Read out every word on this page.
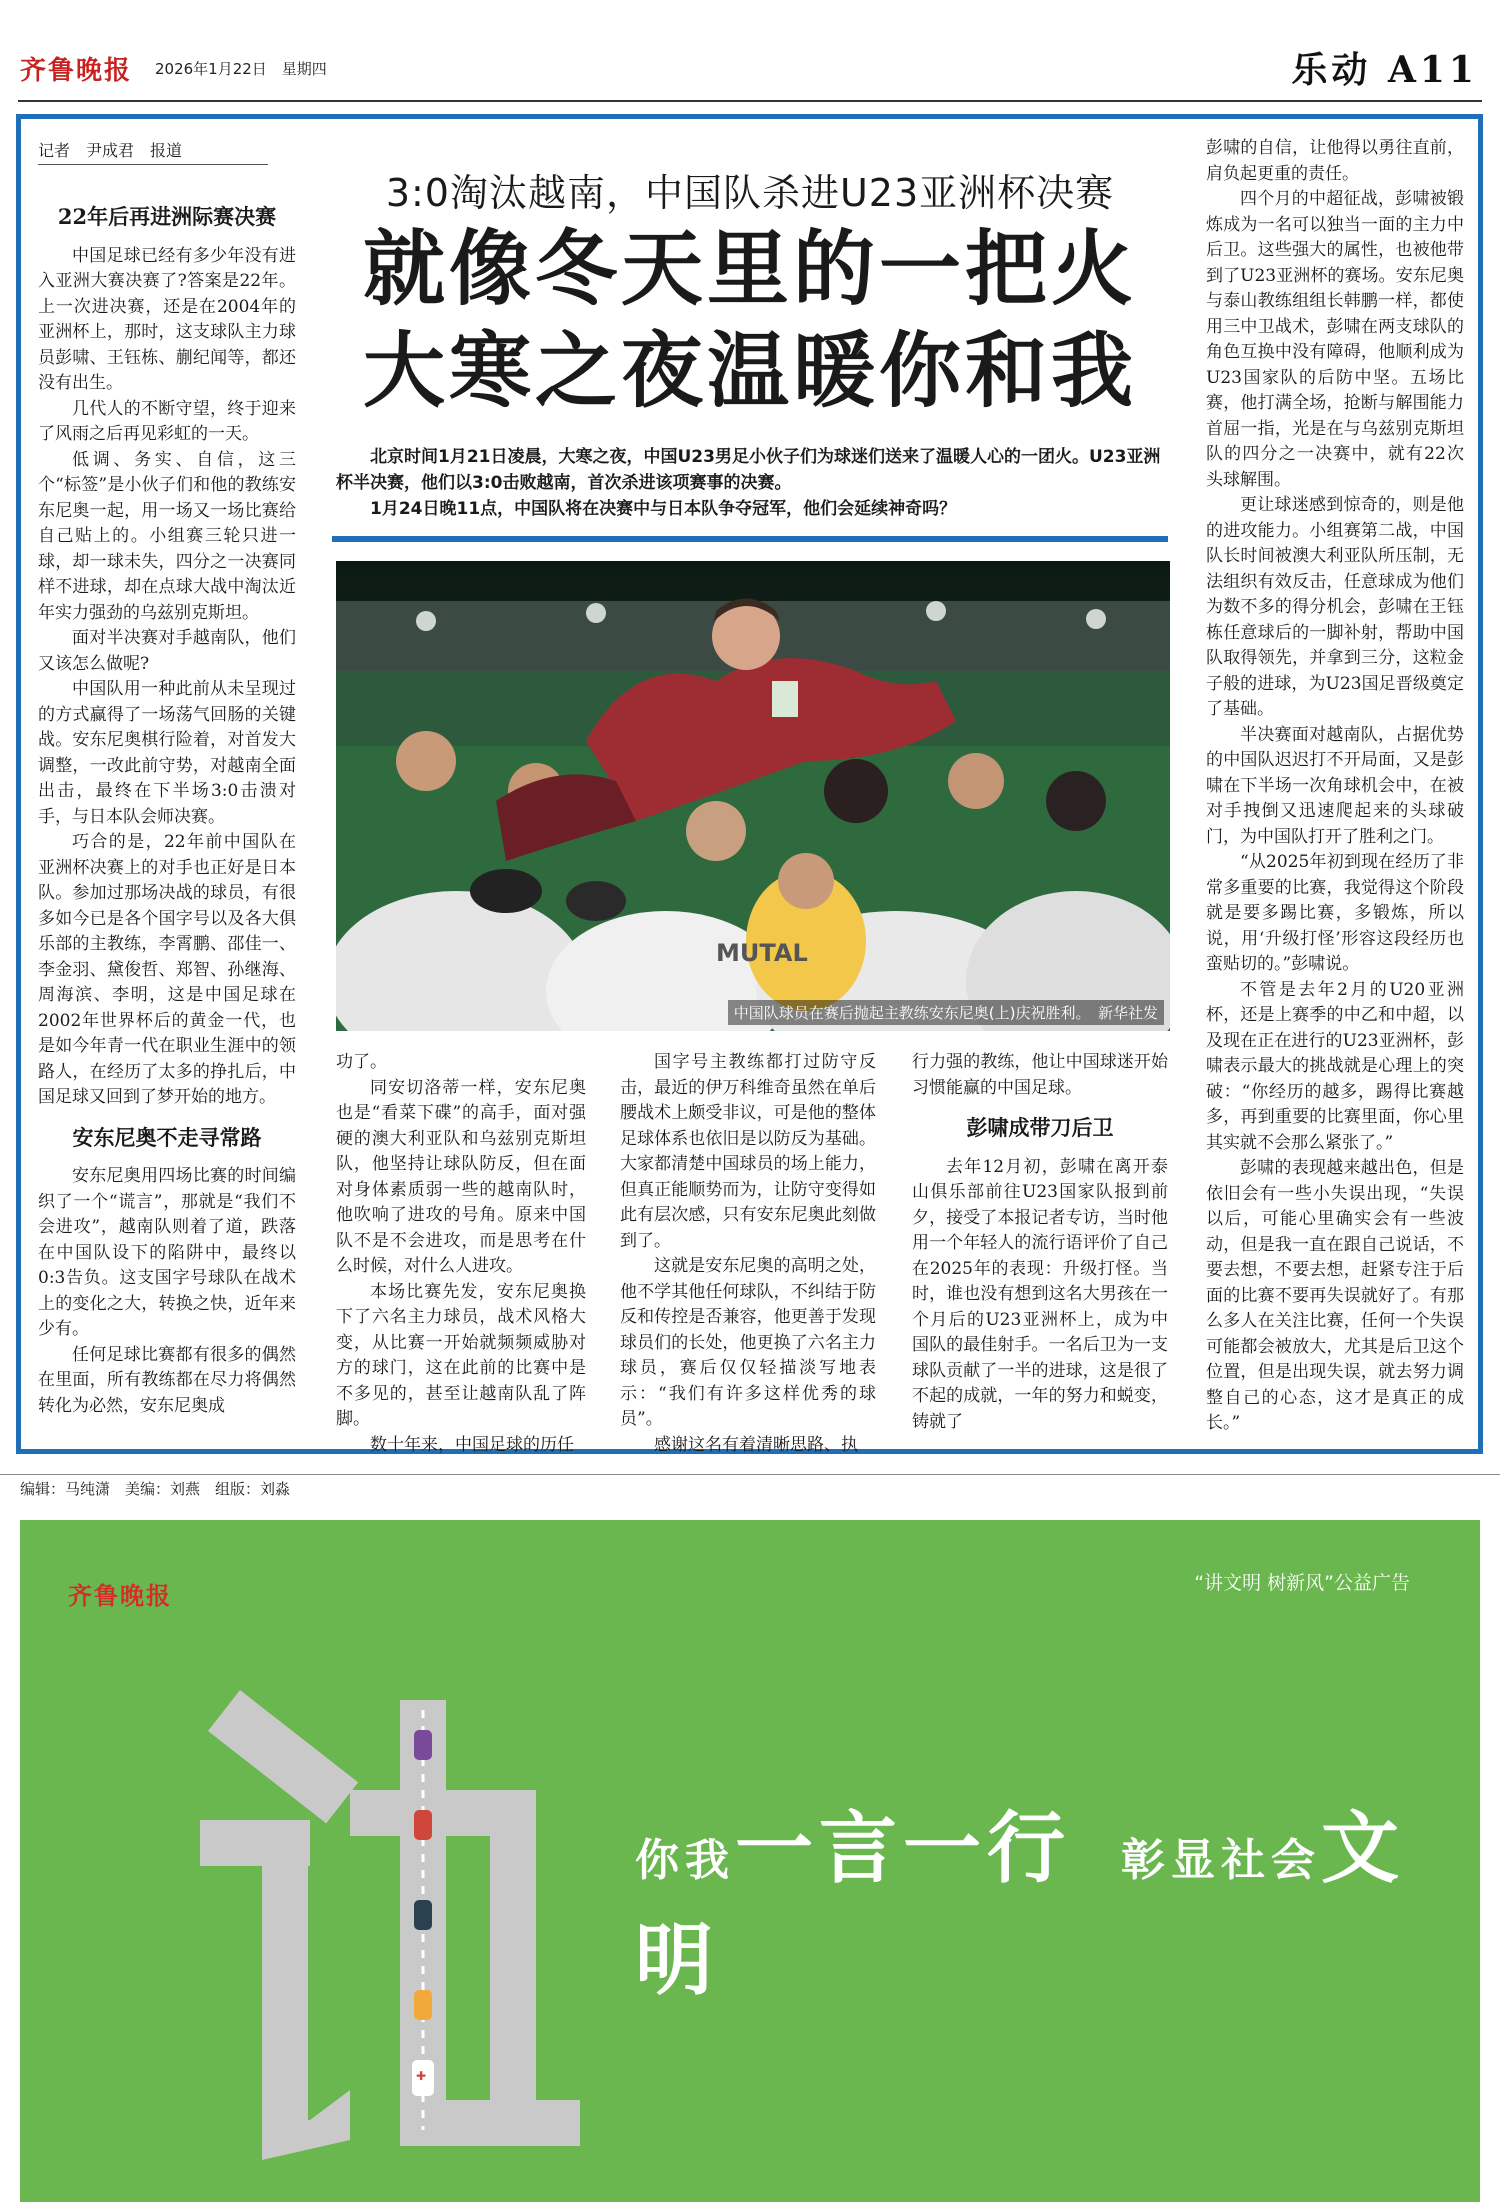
齐鲁晚报 2026年1月22日　星期四	乐动 A11
记者　尹成君　报道
22年后再进洲际赛决赛

中国足球已经有多少年没有进入亚洲大赛决赛了?答案是22年。上一次进决赛，还是在2004年的亚洲杯上，那时，这支球队主力球员彭啸、王钰栋、蒯纪闻等，都还没有出生。

几代人的不断守望，终于迎来了风雨之后再见彩虹的一天。

低调、务实、自信，这三个“标签”是小伙子们和他的教练安东尼奥一起，用一场又一场比赛给自己贴上的。小组赛三轮只进一球，却一球未失，四分之一决赛同样不进球，却在点球大战中淘汰近年实力强劲的乌兹别克斯坦。

面对半决赛对手越南队，他们又该怎么做呢?

中国队用一种此前从未呈现过的方式赢得了一场荡气回肠的关键战。安东尼奥棋行险着，对首发大调整，一改此前守势，对越南全面出击，最终在下半场3:0击溃对手，与日本队会师决赛。

巧合的是，22年前中国队在亚洲杯决赛上的对手也正好是日本队。参加过那场决战的球员，有很多如今已是各个国字号以及各大俱乐部的主教练，李霄鹏、邵佳一、李金羽、黛俊哲、郑智、孙继海、周海滨、李明，这是中国足球在2002年世界杯后的黄金一代，也是如今年青一代在职业生涯中的领路人，在经历了太多的挣扎后，中国足球又回到了梦开始的地方。

安东尼奥不走寻常路

安东尼奥用四场比赛的时间编织了一个“谎言”，那就是“我们不会进攻”，越南队则着了道，跌落在中国队设下的陷阱中，最终以0:3告负。这支国字号球队在战术上的变化之大，转换之快，近年来少有。

任何足球比赛都有很多的偶然在里面，所有教练都在尽力将偶然转化为必然，安东尼奥成

3:0淘汰越南，中国队杀进U23亚洲杯决赛
就像冬天里的一把火
大寒之夜温暖你和我

北京时间1月21日凌晨，大寒之夜，中国U23男足小伙子们为球迷们送来了温暖人心的一团火。U23亚洲杯半决赛，他们以3:0击败越南，首次杀进该项赛事的决赛。

1月24日晚11点，中国队将在决赛中与日本队争夺冠军，他们会延续神奇吗？

MUTAL
中国队球员在赛后抛起主教练安东尼奥(上)庆祝胜利。　新华社发

功了。

同安切洛蒂一样，安东尼奥也是“看菜下碟”的高手，面对强硬的澳大利亚队和乌兹别克斯坦队，他坚持让球队防反，但在面对身体素质弱一些的越南队时，他吹响了进攻的号角。原来中国队不是不会进攻，而是思考在什么时候，对什么人进攻。

本场比赛先发，安东尼奥换下了六名主力球员，战术风格大变，从比赛一开始就频频威胁对方的球门，这在此前的比赛中是不多见的，甚至让越南队乱了阵脚。

数十年来，中国足球的历任

国字号主教练都打过防守反击，最近的伊万科维奇虽然在单后腰战术上颇受非议，可是他的整体足球体系也依旧是以防反为基础。大家都清楚中国球员的场上能力，但真正能顺势而为，让防守变得如此有层次感，只有安东尼奥此刻做到了。

这就是安东尼奥的高明之处，他不学其他任何球队，不纠结于防反和传控是否兼容，他更善于发现球员们的长处，他更换了六名主力球员，赛后仅仅轻描淡写地表示：“我们有许多这样优秀的球员”。

感谢这名有着清晰思路、执

行力强的教练，他让中国球迷开始习惯能赢的中国足球。

彭啸成带刀后卫

去年12月初，彭啸在离开泰山俱乐部前往U23国家队报到前夕，接受了本报记者专访，当时他用一个年轻人的流行语评价了自己在2025年的表现：升级打怪。当时，谁也没有想到这名大男孩在一个月后的U23亚洲杯上，成为中国队的最佳射手。一名后卫为一支球队贡献了一半的进球，这是很了不起的成就，一年的努力和蜕变，铸就了

彭啸的自信，让他得以勇往直前，肩负起更重的责任。

四个月的中超征战，彭啸被锻炼成为一名可以独当一面的主力中后卫。这些强大的属性，也被他带到了U23亚洲杯的赛场。安东尼奥与泰山教练组组长韩鹏一样，都使用三中卫战术，彭啸在两支球队的角色互换中没有障碍，他顺利成为U23国家队的后防中坚。五场比赛，他打满全场，抢断与解围能力首屈一指，光是在与乌兹别克斯坦队的四分之一决赛中，就有22次头球解围。

更让球迷感到惊奇的，则是他的进攻能力。小组赛第二战，中国队长时间被澳大利亚队所压制，无法组织有效反击，任意球成为他们为数不多的得分机会，彭啸在王钰栋任意球后的一脚补射，帮助中国队取得领先，并拿到三分，这粒金子般的进球，为U23国足晋级奠定了基础。

半决赛面对越南队，占据优势的中国队迟迟打不开局面，又是彭啸在下半场一次角球机会中，在被对手拽倒又迅速爬起来的头球破门，为中国队打开了胜利之门。

“从2025年初到现在经历了非常多重要的比赛，我觉得这个阶段就是要多踢比赛，多锻炼，所以说，用‘升级打怪’形容这段经历也蛮贴切的。”彭啸说。

不管是去年2月的U20亚洲杯，还是上赛季的中乙和中超，以及现在正在进行的U23亚洲杯，彭啸表示最大的挑战就是心理上的突破：“你经历的越多，踢得比赛越多，再到重要的比赛里面，你心里其实就不会那么紧张了。”

彭啸的表现越来越出色，但是依旧会有一些小失误出现，“失误以后，可能心里确实会有一些波动，但是我一直在跟自己说话，不要去想，不要去想，赶紧专注于后面的比赛不要再失误就好了。有那么多人在关注比赛，任何一个失误可能都会被放大，尤其是后卫这个位置，但是出现失误，就去努力调整自己的心态，这才是真正的成长。”

编辑：马纯潇　美编：刘燕　组版：刘淼
齐鲁晚报	“讲文明 树新风”公益广告
✚
你我一言一行　 彰显社会文明
